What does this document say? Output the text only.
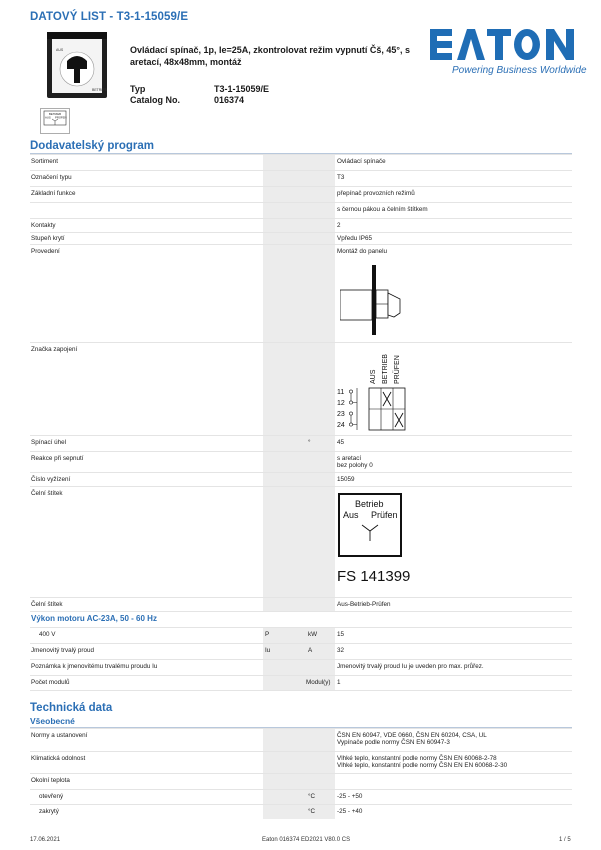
DATOVÝ LIST - T3-1-15059/E
BETRIEB
AUS
BETRIEB
AUS PRÜFEN
Ovládací spínač, 1p, Ie=25A, zkontrolovat režim vypnutí Čš, 45°, s aretací, 48x48mm, montáž
Typ	T3-1-15059/E
Catalog No.	016374
Powering Business Worldwide
Dodavatelský program
Sortiment	Ovládací spínače
Označení typu	T3
Základní funkce	přepínač provozních režimů
s černou pákou a čelním štítkem
Kontakty	2
Stupeň krytí	Vpředu IP65
Provedení	Montáž do panelu
Značka zapojení
AUS BETRIEB PRÜFEN
11
12
23
24
Spínací úhel	°	45
Reakce při sepnutí	s aretací
bez polohy 0
Číslo vyžízení	15059
Čelní štítek
Betrieb
Aus Prüfen
FS 141399
Čelní štítek	Aus-Betrieb-Prüfen
Výkon motoru AC-23A, 50 - 60 Hz
400 V	P	kW	15
Jmenovitý trvalý proud	Iu	A	32
Poznámka k jmenovitému trvalému proudu Iu	Jmenovitý trvalý proud Iu je uveden pro max. průřez.
Počet modulů	Modul(y) 1
Technická data
Všeobecné
Normy a ustanovení	ČSN EN 60947, VDE 0660, ČSN EN 60204, CSA, UL
Vypínače podle normy ČSN EN 60947-3
Klimatická odolnost	Vlhké teplo, konstantní podle normy ČSN EN 60068-2-78
Vlhké teplo, konstantní podle normy ČSN EN EN 60068-2-30
Okolní teplota
otevřený	°C	-25 - +50
zakrytý	°C	-25 - +40
17.06.2021	Eaton 016374 ED2021 V80.0 CS	1 / 5
